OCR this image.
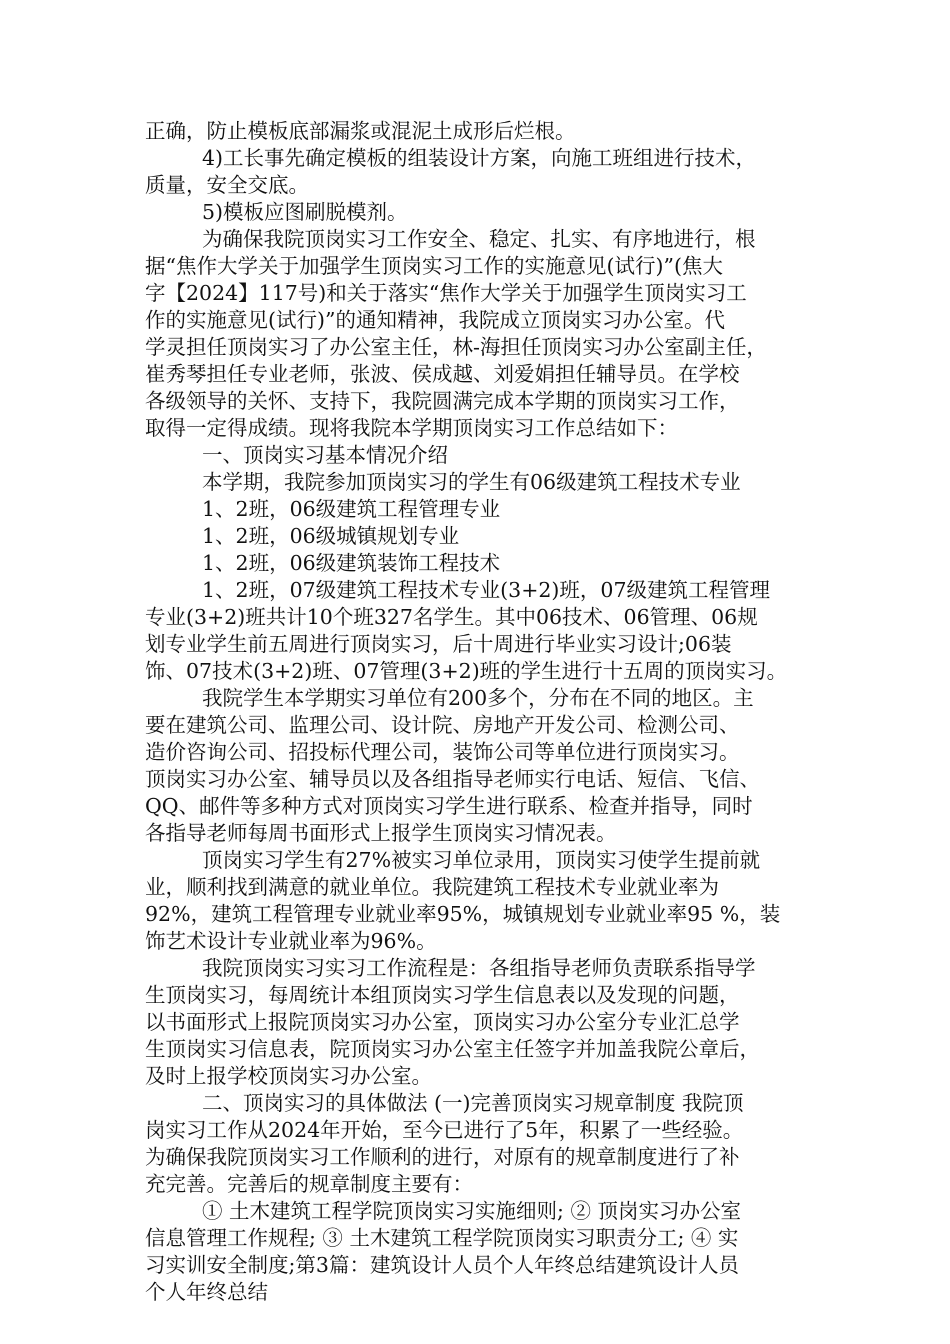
正确，防止模板底部漏浆或混泥土成形后烂根。
4)工长事先确定模板的组装设计方案，向施工班组进行技术，
质量，安全交底。
5)模板应图刷脱模剂。
为确保我院顶岗实习工作安全、稳定、扎实、有序地进行，根
据“焦作大学关于加强学生顶岗实习工作的实施意见(试行)”(焦大
字【2024】117号)和关于落实“焦作大学关于加强学生顶岗实习工
作的实施意见(试行)”的通知精神，我院成立顶岗实习办公室。代
学灵担任顶岗实习了办公室主任，林-海担任顶岗实习办公室副主任，
崔秀琴担任专业老师，张波、侯成越、刘爱娟担任辅导员。在学校
各级领导的关怀、支持下，我院圆满完成本学期的顶岗实习工作，
取得一定得成绩。现将我院本学期顶岗实习工作总结如下：
一、顶岗实习基本情况介绍
本学期，我院参加顶岗实习的学生有06级建筑工程技术专业
1、2班，06级建筑工程管理专业
1、2班，06级城镇规划专业
1、2班，06级建筑装饰工程技术
1、2班，07级建筑工程技术专业(3+2)班，07级建筑工程管理
专业(3+2)班共计10个班327名学生。其中06技术、06管理、06规
划专业学生前五周进行顶岗实习，后十周进行毕业实习设计;06装
饰、07技术(3+2)班、07管理(3+2)班的学生进行十五周的顶岗实习。
我院学生本学期实习单位有200多个，分布在不同的地区。主
要在建筑公司、监理公司、设计院、房地产开发公司、检测公司、
造价咨询公司、招投标代理公司，装饰公司等单位进行顶岗实习。
顶岗实习办公室、辅导员以及各组指导老师实行电话、短信、飞信、
QQ、邮件等多种方式对顶岗实习学生进行联系、检查并指导，同时
各指导老师每周书面形式上报学生顶岗实习情况表。
顶岗实习学生有27%被实习单位录用，顶岗实习使学生提前就
业，顺利找到满意的就业单位。我院建筑工程技术专业就业率为
92%，建筑工程管理专业就业率95%，城镇规划专业就业率95 %，装
饰艺术设计专业就业率为96%。
我院顶岗实习实习工作流程是：各组指导老师负责联系指导学
生顶岗实习，每周统计本组顶岗实习学生信息表以及发现的问题，
以书面形式上报院顶岗实习办公室，顶岗实习办公室分专业汇总学
生顶岗实习信息表，院顶岗实习办公室主任签字并加盖我院公章后，
及时上报学校顶岗实习办公室。
二、顶岗实习的具体做法 (一)完善顶岗实习规章制度 我院顶
岗实习工作从2024年开始，至今已进行了5年，积累了一些经验。
为确保我院顶岗实习工作顺利的进行，对原有的规章制度进行了补
充完善。完善后的规章制度主要有：
① 土木建筑工程学院顶岗实习实施细则; ② 顶岗实习办公室
信息管理工作规程; ③ 土木建筑工程学院顶岗实习职责分工; ④ 实
习实训安全制度;第3篇：建筑设计人员个人年终总结建筑设计人员
个人年终总结
